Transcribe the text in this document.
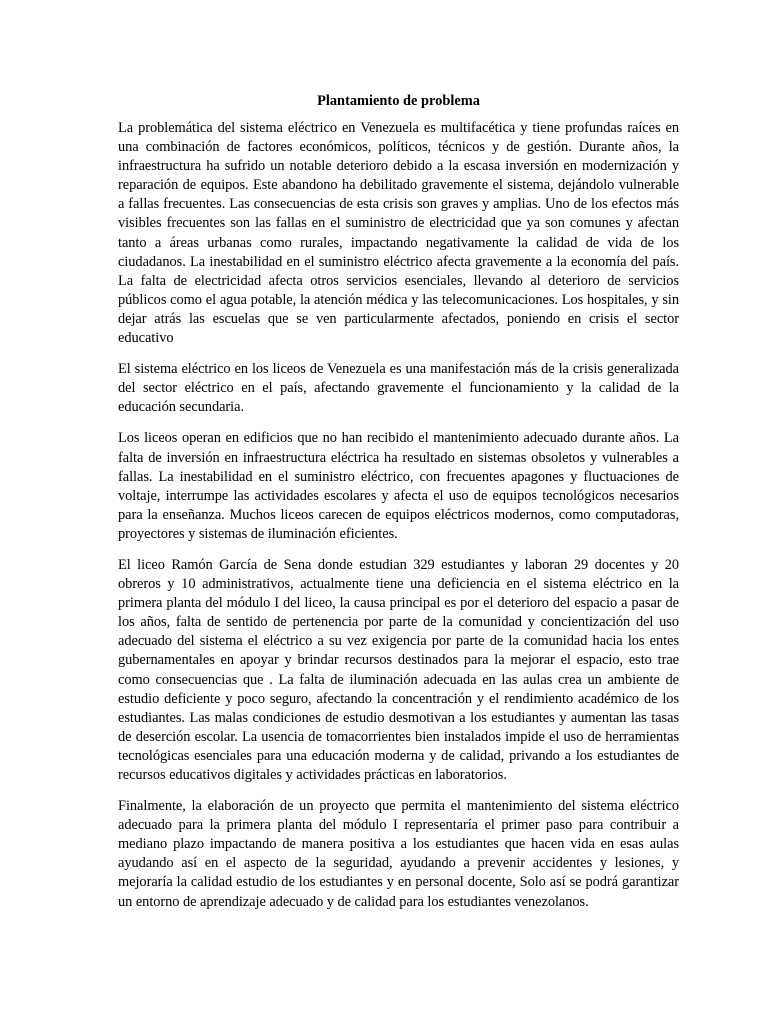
Plantamiento de problema

La problemática del sistema eléctrico en Venezuela es multifacética y tiene profundas raíces en una combinación de factores económicos, políticos, técnicos y de gestión. Durante años, la infraestructura ha sufrido un notable deterioro debido a la escasa inversión en modernización y reparación de equipos. Este abandono ha debilitado gravemente el sistema, dejándolo vulnerable a fallas frecuentes. Las consecuencias de esta crisis son graves y amplias. Uno de los efectos más visibles frecuentes son las fallas en el suministro de electricidad que ya son comunes y afectan tanto a áreas urbanas como rurales, impactando negativamente la calidad de vida de los ciudadanos. La inestabilidad en el suministro eléctrico afecta gravemente a la economía del país. La falta de electricidad afecta otros servicios esenciales, llevando al deterioro de servicios públicos como el agua potable, la atención médica y las telecomunicaciones. Los hospitales, y sin dejar atrás las escuelas que se ven particularmente afectados, poniendo en crisis el sector educativo

El sistema eléctrico en los liceos de Venezuela es una manifestación más de la crisis generalizada del sector eléctrico en el país, afectando gravemente el funcionamiento y la calidad de la educación secundaria.

Los liceos operan en edificios que no han recibido el mantenimiento adecuado durante años. La falta de inversión en infraestructura eléctrica ha resultado en sistemas obsoletos y vulnerables a fallas. La inestabilidad en el suministro eléctrico, con frecuentes apagones y fluctuaciones de voltaje, interrumpe las actividades escolares y afecta el uso de equipos tecnológicos necesarios para la enseñanza. Muchos liceos carecen de equipos eléctricos modernos, como computadoras, proyectores y sistemas de iluminación eficientes.

El liceo Ramón García de Sena donde estudian 329 estudiantes y laboran 29 docentes y 20 obreros y 10 administrativos, actualmente tiene una deficiencia en el sistema eléctrico en la primera planta del módulo I del liceo, la causa principal es por el deterioro del espacio a pasar de los años, falta de sentido de pertenencia por parte de la comunidad y concientización del uso adecuado del sistema el eléctrico a su vez exigencia por parte de la comunidad hacia los entes gubernamentales en apoyar y brindar recursos destinados para la mejorar el espacio, esto trae como consecuencias que . La falta de iluminación adecuada en las aulas crea un ambiente de estudio deficiente y poco seguro, afectando la concentración y el rendimiento académico de los estudiantes. Las malas condiciones de estudio desmotivan a los estudiantes y aumentan las tasas de deserción escolar. La usencia de tomacorrientes bien instalados impide el uso de herramientas tecnológicas esenciales para una educación moderna y de calidad, privando a los estudiantes de recursos educativos digitales y actividades prácticas en laboratorios.

Finalmente, la elaboración de un proyecto que permita el mantenimiento del sistema eléctrico adecuado para la primera planta del módulo I representaría el primer paso para contribuir a mediano plazo impactando de manera positiva a los estudiantes que hacen vida en esas aulas ayudando así en el aspecto de la seguridad, ayudando a prevenir accidentes y lesiones, y mejoraría la calidad estudio de los estudiantes y en personal docente, Solo así se podrá garantizar un entorno de aprendizaje adecuado y de calidad para los estudiantes venezolanos.
